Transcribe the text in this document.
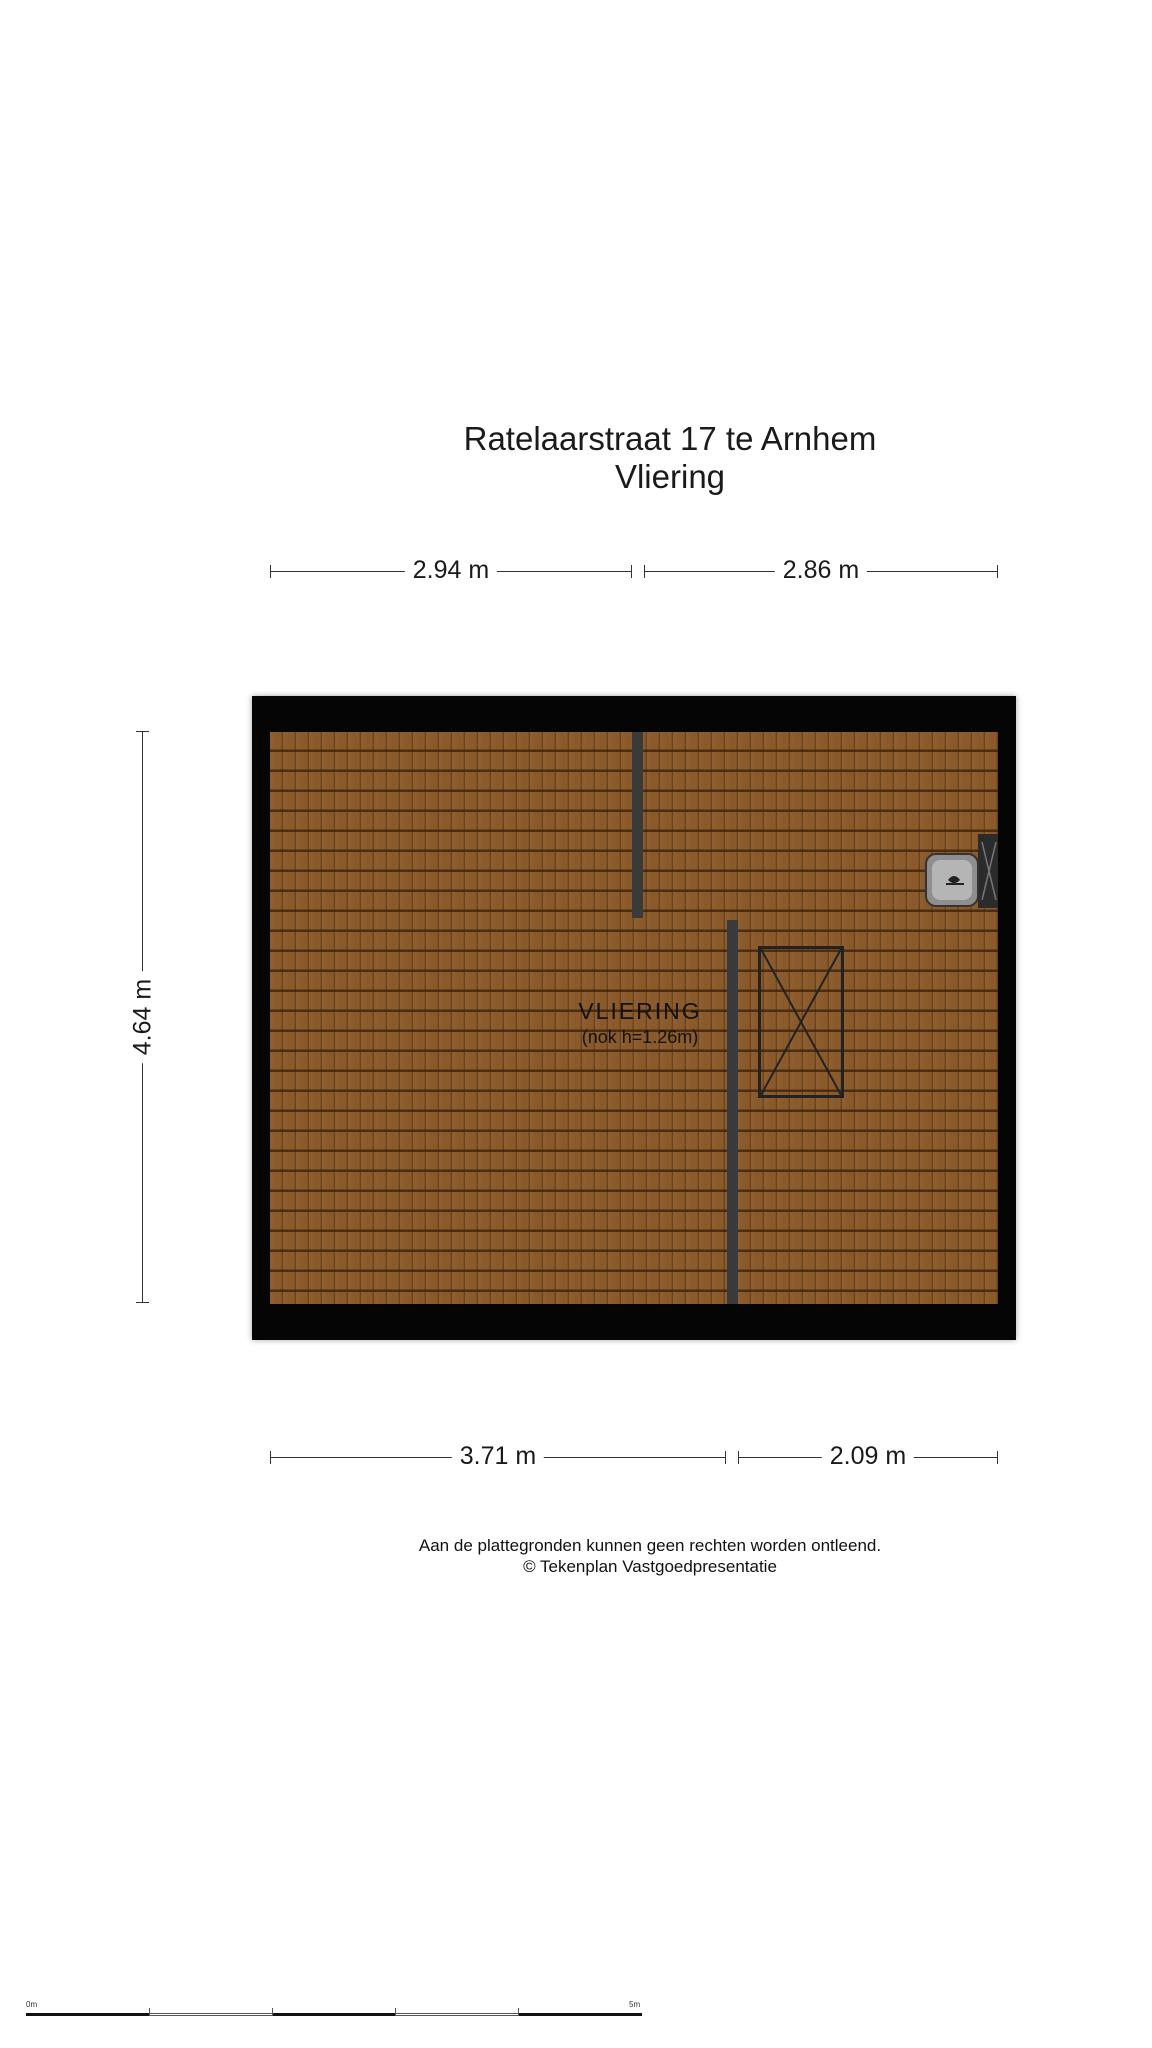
Ratelaarstraat 17 te Arnhem
Vliering
2.94 m	2.86 m
4.64 m	VLIERING
(nok h=1.26m)
3.71 m	2.09 m
Aan de plattegronden kunnen geen rechten worden ontleend.
© Tekenplan Vastgoedpresentatie
0m	5m
